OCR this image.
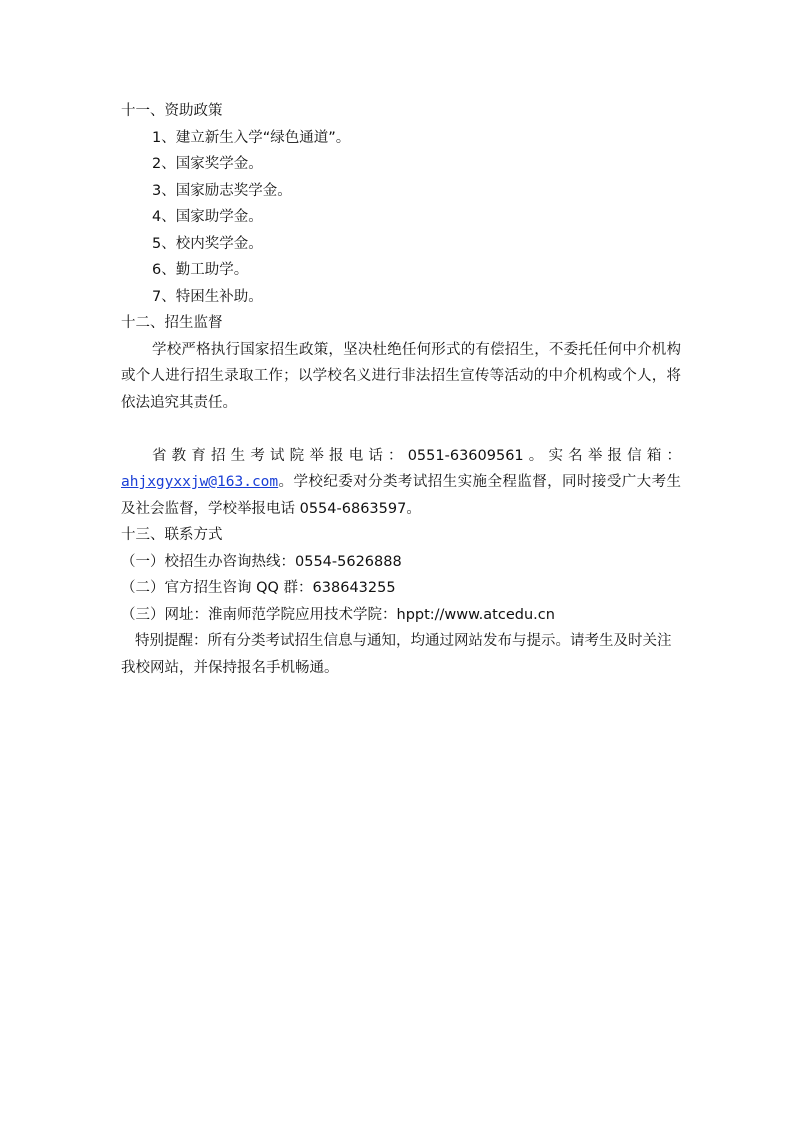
十一、资助政策
1、建立新生入学“绿色通道”。
2、国家奖学金。
3、国家励志奖学金。
4、国家助学金。
5、校内奖学金。
6、勤工助学。
7、特困生补助。
十二、招生监督

学校严格执行国家招生政策，坚决杜绝任何形式的有偿招生，不委托任何中介机构或个人进行招生录取工作；以学校名义进行非法招生宣传等活动的中介机构或个人，将依法追究其责任。

省教育招生考试院举报电话：0551-63609561。实名举报信箱：ahjxgyxxjw@163.com。学校纪委对分类考试招生实施全程监督，同时接受广大考生及社会监督，学校举报电话 0554-6863597。

十三、联系方式
（一）校招生办咨询热线：0554-5626888
（二）官方招生咨询 QQ 群：638643255
（三）网址：淮南师范学院应用技术学院：hppt://www.atcedu.cn
特别提醒：所有分类考试招生信息与通知，均通过网站发布与提示。请考生及时关注我校网站，并保持报名手机畅通。
